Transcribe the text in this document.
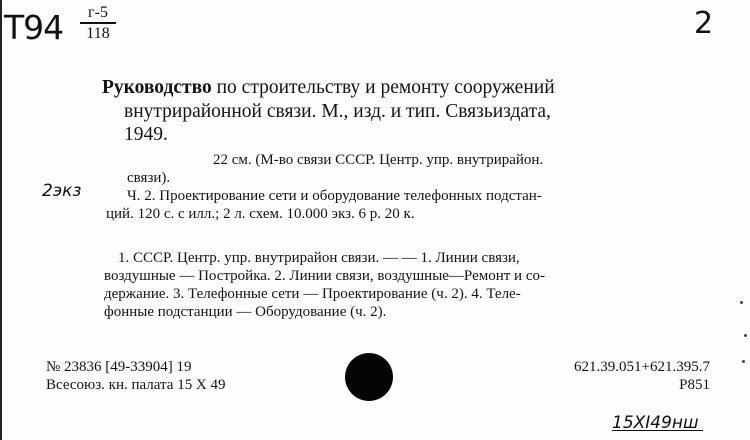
Т94	г-5
118	2
Руководство по строительству и ремонту сооружений
внутрирайонной связи. М., изд. и тип. Связьиздата,
1949.
22 см. (М-во связи СССР. Центр. упр. внутрирайон.
связи).
2экз	Ч. 2. Проектирование сети и оборудование телефонных подстан-
ций. 120 с. с илл.; 2 л. схем. 10.000 экз. 6 р. 20 к.
1. СССР. Центр. упр. внутрирайон связи. — — 1. Линии связи,
воздушные — Постройка. 2. Линии связи, воздушные—Ремонт и со-
держание. 3. Телефонные сети — Проектирование (ч. 2). 4. Теле-
фонные подстанции — Оборудование (ч. 2).
№ 23836 [49-33904] 19
Всесоюз. кн. палата 15 X 49
621.39.051+621.395.7
Р851
15XI49нш
